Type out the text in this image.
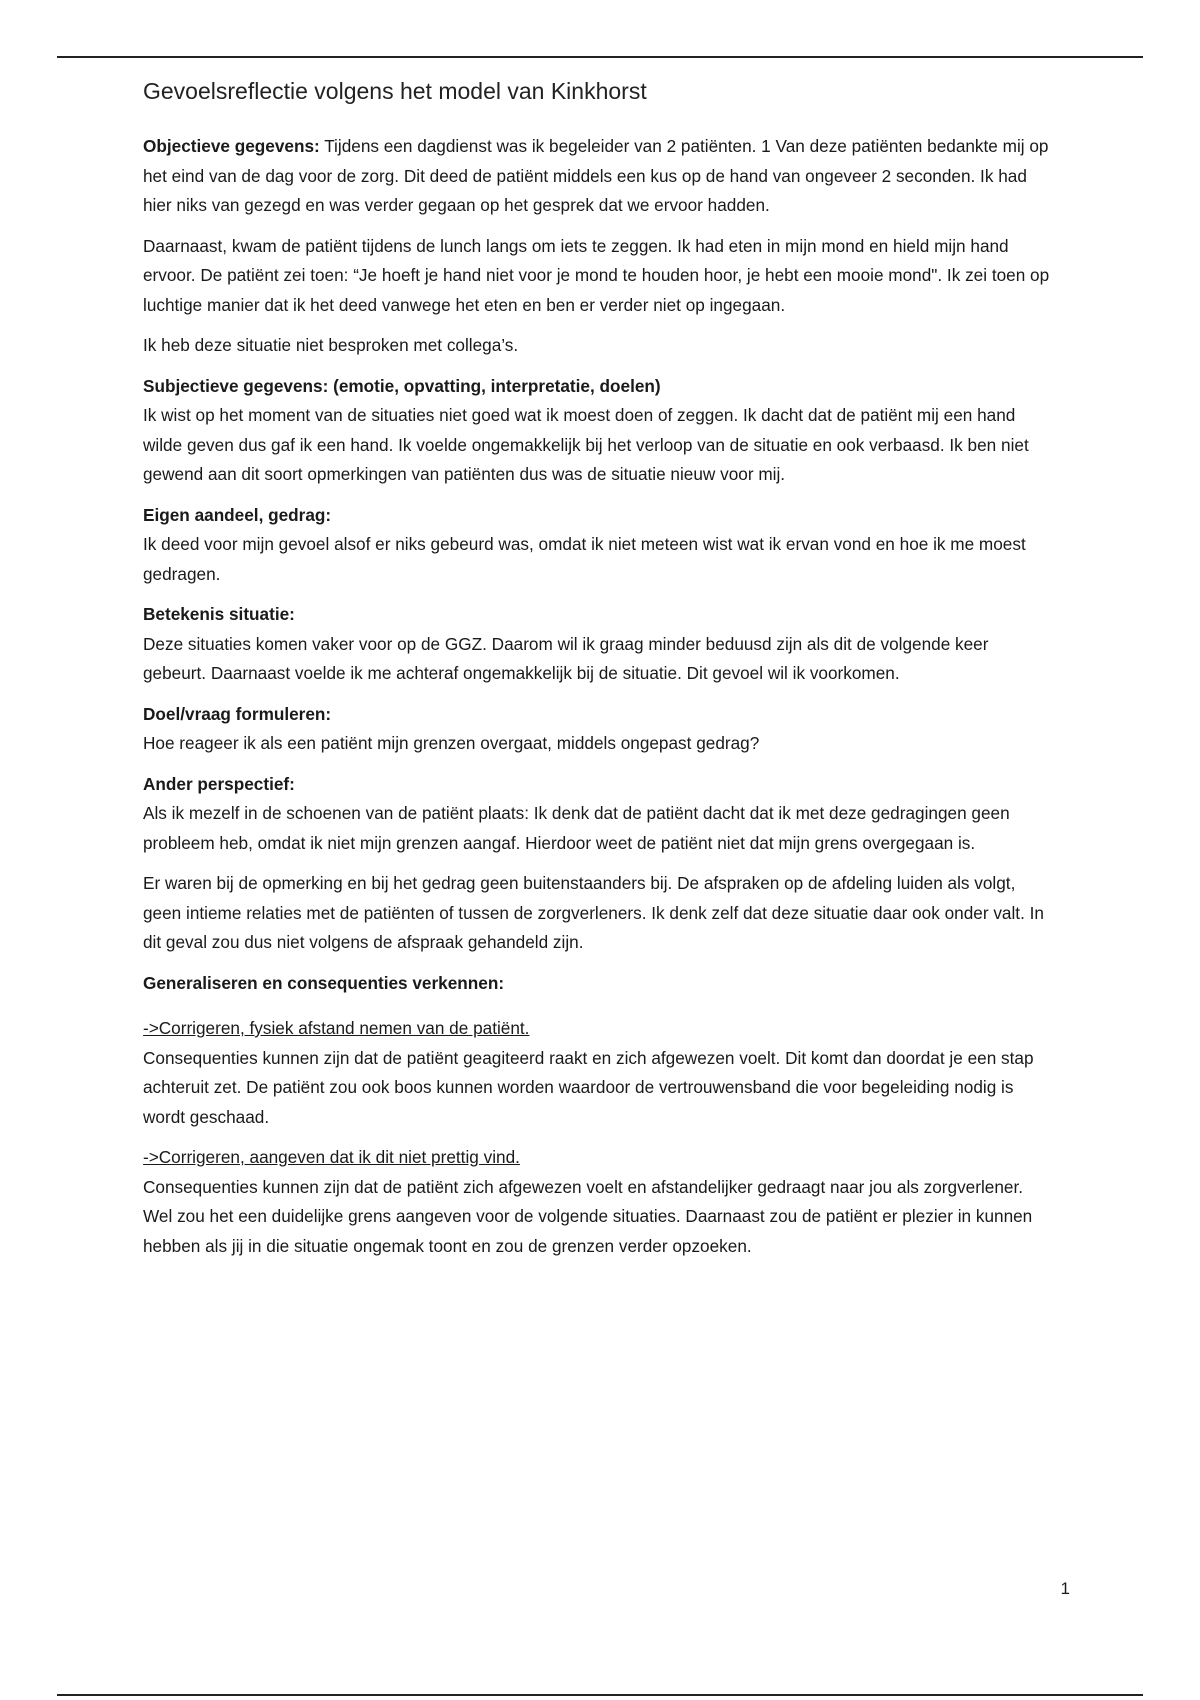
Gevoelsreflectie volgens het model van Kinkhorst

Objectieve gegevens: Tijdens een dagdienst was ik begeleider van 2 patiënten. 1 Van deze patiënten bedankte mij op het eind van de dag voor de zorg. Dit deed de patiënt middels een kus op de hand van ongeveer 2 seconden. Ik had hier niks van gezegd en was verder gegaan op het gesprek dat we ervoor hadden.

Daarnaast, kwam de patiënt tijdens de lunch langs om iets te zeggen. Ik had eten in mijn mond en hield mijn hand ervoor. De patiënt zei toen: “Je hoeft je hand niet voor je mond te houden hoor, je hebt een mooie mond". Ik zei toen op luchtige manier dat ik het deed vanwege het eten en ben er verder niet op ingegaan.

Ik heb deze situatie niet besproken met collega’s.

Subjectieve gegevens: (emotie, opvatting, interpretatie, doelen)

Ik wist op het moment van de situaties niet goed wat ik moest doen of zeggen. Ik dacht dat de patiënt mij een hand wilde geven dus gaf ik een hand. Ik voelde ongemakkelijk bij het verloop van de situatie en ook verbaasd. Ik ben niet gewend aan dit soort opmerkingen van patiënten dus was de situatie nieuw voor mij.

Eigen aandeel, gedrag:

Ik deed voor mijn gevoel alsof er niks gebeurd was, omdat ik niet meteen wist wat ik ervan vond en hoe ik me moest gedragen.

Betekenis situatie:

Deze situaties komen vaker voor op de GGZ. Daarom wil ik graag minder beduusd zijn als dit de volgende keer gebeurt. Daarnaast voelde ik me achteraf ongemakkelijk bij de situatie. Dit gevoel wil ik voorkomen.

Doel/vraag formuleren:

Hoe reageer ik als een patiënt mijn grenzen overgaat, middels ongepast gedrag?

Ander perspectief:

Als ik mezelf in de schoenen van de patiënt plaats: Ik denk dat de patiënt dacht dat ik met deze gedragingen geen probleem heb, omdat ik niet mijn grenzen aangaf. Hierdoor weet de patiënt niet dat mijn grens overgegaan is.

Er waren bij de opmerking en bij het gedrag geen buitenstaanders bij. De afspraken op de afdeling luiden als volgt, geen intieme relaties met de patiënten of tussen de zorgverleners. Ik denk zelf dat deze situatie daar ook onder valt. In dit geval zou dus niet volgens de afspraak gehandeld zijn.

Generaliseren en consequenties verkennen:

->Corrigeren, fysiek afstand nemen van de patiënt.

Consequenties kunnen zijn dat de patiënt geagiteerd raakt en zich afgewezen voelt. Dit komt dan doordat je een stap achteruit zet. De patiënt zou ook boos kunnen worden waardoor de vertrouwensband die voor begeleiding nodig is wordt geschaad.

->Corrigeren, aangeven dat ik dit niet prettig vind.

Consequenties kunnen zijn dat de patiënt zich afgewezen voelt en afstandelijker gedraagt naar jou als zorgverlener. Wel zou het een duidelijke grens aangeven voor de volgende situaties. Daarnaast zou de patiënt er plezier in kunnen hebben als jij in die situatie ongemak toont en zou de grenzen verder opzoeken.

1
